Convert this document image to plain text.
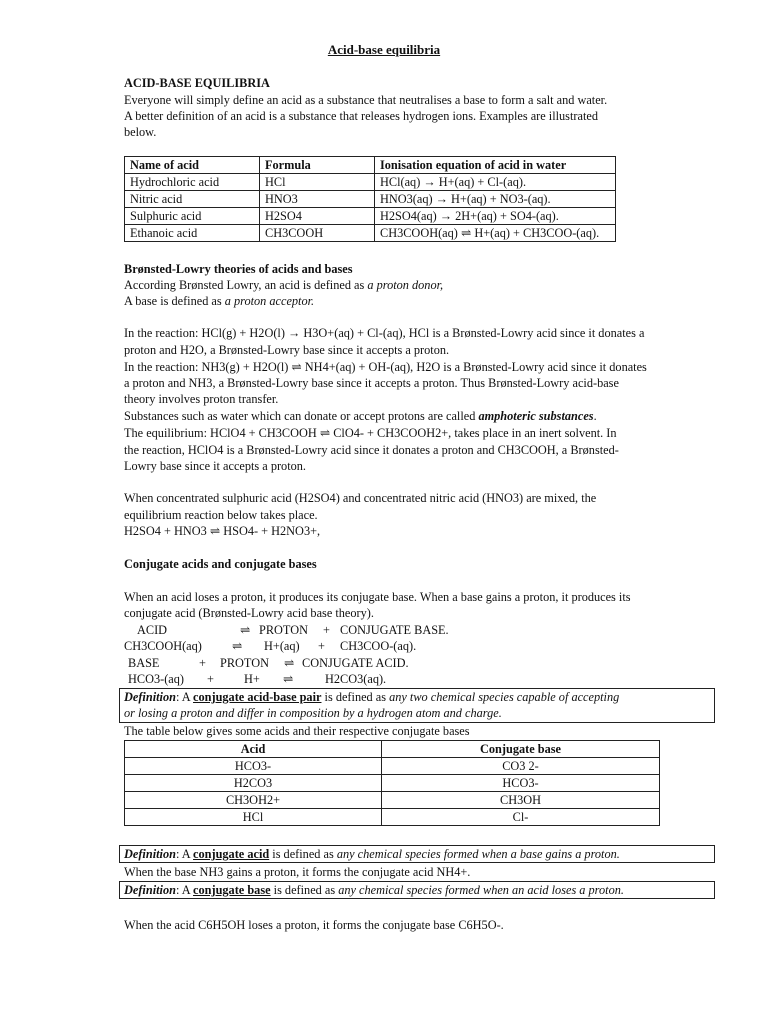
Acid-base equilibria
ACID-BASE EQUILIBRIA
Everyone will simply define an acid as a substance that neutralises a base to form a salt and water.
A better definition of an acid is a substance that releases hydrogen ions. Examples are illustrated
below.
Name of acid	Formula	Ionisation equation of acid in water
Hydrochloric acid	HCl	HCl(aq) → H+(aq) + Cl-(aq).
Nitric acid	HNO3	HNO3(aq) → H+(aq) + NO3-(aq).
Sulphuric acid	H2SO4	H2SO4(aq) → 2H+(aq) + SO4-(aq).
Ethanoic acid	CH3COOH	CH3COOH(aq) ⇌ H+(aq) + CH3COO-(aq).
Brønsted-Lowry theories of acids and bases
According Brønsted Lowry, an acid is defined as a proton donor,
A base is defined as a proton acceptor.
In the reaction: HCl(g) + H2O(l) → H3O+(aq) + Cl-(aq), HCl is a Brønsted-Lowry acid since it donates a
proton and H2O, a Brønsted-Lowry base since it accepts a proton.
In the reaction: NH3(g) + H2O(l) ⇌ NH4+(aq) + OH-(aq), H2O is a Brønsted-Lowry acid since it donates
a proton and NH3, a Brønsted-Lowry base since it accepts a proton. Thus Brønsted-Lowry acid-base
theory involves proton transfer.
Substances such as water which can donate or accept protons are called amphoteric substances.
The equilibrium: HClO4 + CH3COOH ⇌ ClO4- + CH3COOH2+, takes place in an inert solvent. In
the reaction, HClO4 is a Brønsted-Lowry acid since it donates a proton and CH3COOH, a Brønsted-
Lowry base since it accepts a proton.
When concentrated sulphuric acid (H2SO4) and concentrated nitric acid (HNO3) are mixed, the
equilibrium reaction below takes place.
H2SO4 + HNO3 ⇌ HSO4- + H2NO3+,
Conjugate acids and conjugate bases
When an acid loses a proton, it produces its conjugate base. When a base gains a proton, it produces its
conjugate acid (Brønsted-Lowry acid base theory).
ACID	⇌ PROTON + CONJUGATE BASE.
CH3COOH(aq) ⇌ H+(aq) + CH3COO-(aq).
BASE	+ PROTON ⇌ CONJUGATE ACID.
HCO3-(aq) + H+ ⇌	H2CO3(aq).
Definition: A conjugate acid-base pair is defined as any two chemical species capable of accepting
or losing a proton and differ in composition by a hydrogen atom and charge.
The table below gives some acids and their respective conjugate bases
Acid	Conjugate base
HCO3-	CO3 2-
H2CO3	HCO3-
CH3OH2+	CH3OH
HCl	Cl-
Definition: A conjugate acid is defined as any chemical species formed when a base gains a proton.
When the base NH3 gains a proton, it forms the conjugate acid NH4+.
Definition: A conjugate base is defined as any chemical species formed when an acid loses a proton.
When the acid C6H5OH loses a proton, it forms the conjugate base C6H5O-.
